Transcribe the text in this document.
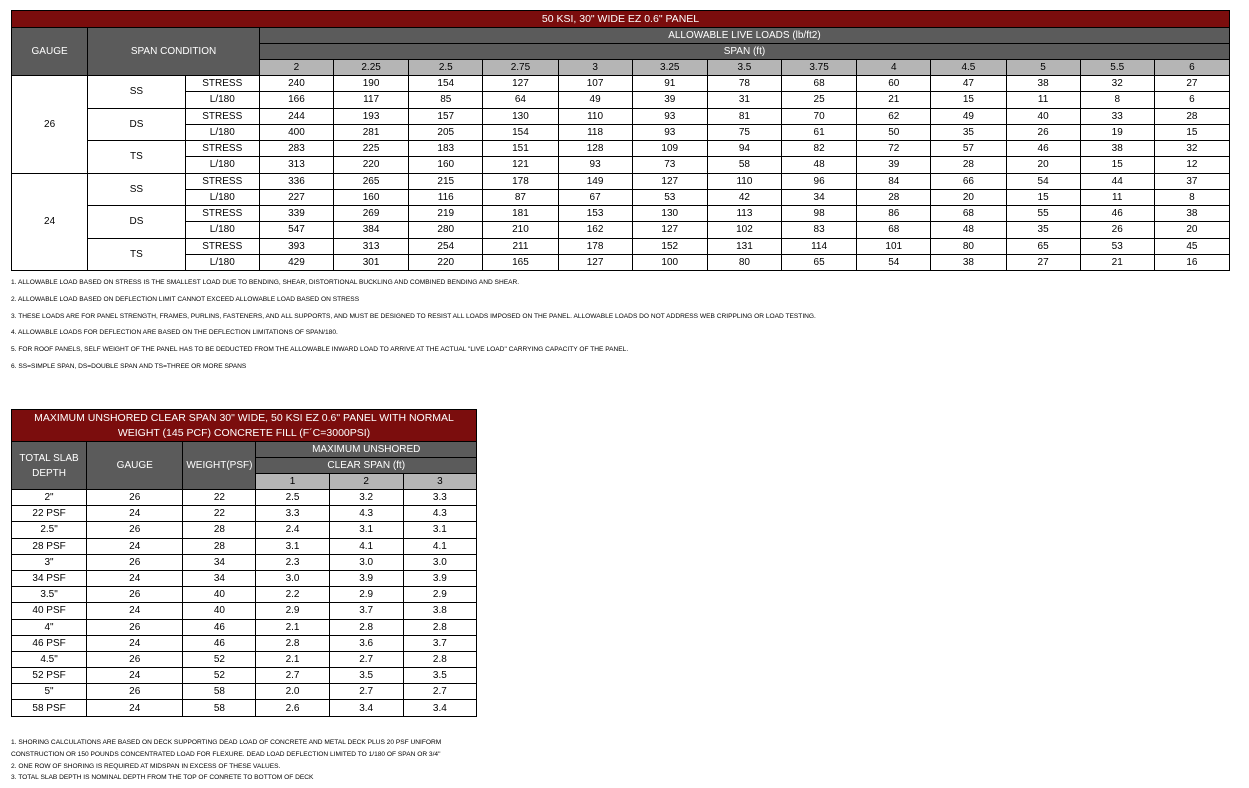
50 KSI, 30" WIDE EZ 0.6" PANEL															
GAUGE	SPAN CONDITION		ALLOWABLE LIVE LOADS (lb/ft2)												
			SPAN (ft)												
			2	2.25	2.5	2.75	3	3.25	3.5	3.75	4	4.5	5	5.5	6
26	SS	STRESS	240	190	154	127	107	91	78	68	60	47	38	32	27
		L/180	166	117	85	64	49	39	31	25	21	15	11	8	6
	DS	STRESS	244	193	157	130	110	93	81	70	62	49	40	33	28
		L/180	400	281	205	154	118	93	75	61	50	35	26	19	15
	TS	STRESS	283	225	183	151	128	109	94	82	72	57	46	38	32
		L/180	313	220	160	121	93	73	58	48	39	28	20	15	12
24	SS	STRESS	336	265	215	178	149	127	110	96	84	66	54	44	37
		L/180	227	160	116	87	67	53	42	34	28	20	15	11	8
	DS	STRESS	339	269	219	181	153	130	113	98	86	68	55	46	38
		L/180	547	384	280	210	162	127	102	83	68	48	35	26	20
	TS	STRESS	393	313	254	211	178	152	131	114	101	80	65	53	45
		L/180	429	301	220	165	127	100	80	65	54	38	27	21	16
1. ALLOWABLE LOAD BASED ON STRESS IS THE SMALLEST LOAD DUE TO BENDING, SHEAR, DISTORTIONAL BUCKLING AND COMBINED BENDING AND SHEAR.
2. ALLOWABLE LOAD BASED ON DEFLECTION LIMIT CANNOT EXCEED ALLOWABLE LOAD BASED ON STRESS
3. THESE LOADS ARE FOR PANEL STRENGTH, FRAMES, PURLINS, FASTENERS, AND ALL SUPPORTS, AND MUST BE DESIGNED TO RESIST ALL LOADS IMPOSED ON THE PANEL. ALLOWABLE LOADS DO NOT ADDRESS WEB CRIPPLING OR LOAD TESTING.
4. ALLOWABLE LOADS FOR DEFLECTION ARE BASED ON THE DEFLECTION LIMITATIONS OF SPAN/180.
5. FOR ROOF PANELS, SELF WEIGHT OF THE PANEL HAS TO BE DEDUCTED FROM THE ALLOWABLE INWARD LOAD TO ARRIVE AT THE ACTUAL "LIVE LOAD" CARRYING CAPACITY OF THE PANEL.
6. SS=SIMPLE SPAN, DS=DOUBLE SPAN AND TS=THREE OR MORE SPANS
MAXIMUM UNSHORED CLEAR SPAN 30" WIDE, 50 KSI EZ 0.6" PANEL WITH NORMAL WEIGHT (145 PCF) CONCRETE FILL (F´C=3000PSI)					
TOTAL SLAB DEPTH	GAUGE	WEIGHT(PSF)	MAXIMUM UNSHORED		
			CLEAR SPAN (ft)		
			1	2	3
2"	26	22	2.5	3.2	3.3
22 PSF	24	22	3.3	4.3	4.3
2.5"	26	28	2.4	3.1	3.1
28 PSF	24	28	3.1	4.1	4.1
3"	26	34	2.3	3.0	3.0
34 PSF	24	34	3.0	3.9	3.9
3.5"	26	40	2.2	2.9	2.9
40 PSF	24	40	2.9	3.7	3.8
4"	26	46	2.1	2.8	2.8
46 PSF	24	46	2.8	3.6	3.7
4.5"	26	52	2.1	2.7	2.8
52 PSF	24	52	2.7	3.5	3.5
5"	26	58	2.0	2.7	2.7
58 PSF	24	58	2.6	3.4	3.4
1. SHORING CALCULATIONS ARE BASED ON DECK SUPPORTING DEAD LOAD OF CONCRETE AND METAL DECK PLUS 20 PSF UNIFORM
CONSTRUCTION OR 150 POUNDS CONCENTRATED LOAD FOR FLEXURE. DEAD LOAD DEFLECTION LIMITED TO 1/180 OF SPAN OR 3/4"
2. ONE ROW OF SHORING IS REQUIRED AT MIDSPAN IN EXCESS OF THESE VALUES.
3. TOTAL SLAB DEPTH IS NOMINAL DEPTH FROM THE TOP OF CONRETE TO BOTTOM OF DECK
